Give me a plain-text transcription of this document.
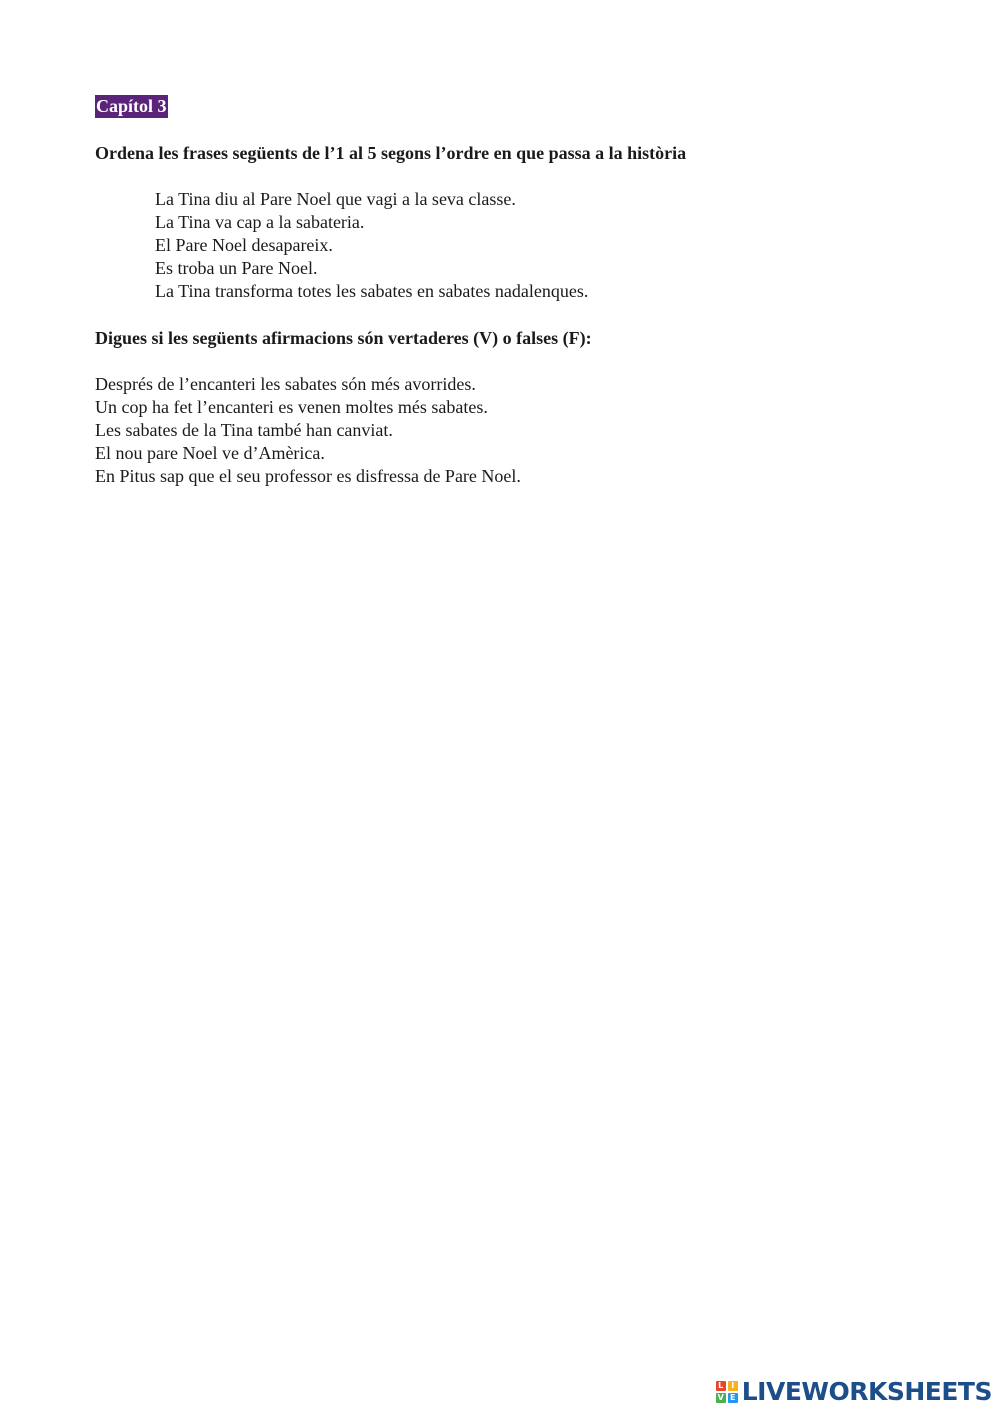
Capítol 3
Ordena les frases següents de l’1 al 5 segons l’ordre en que passa a la història
La Tina diu al Pare Noel que vagi a la seva classe.
La Tina va cap a la sabateria.
El Pare Noel desapareix.
Es troba un Pare Noel.
La Tina transforma totes les sabates en sabates nadalenques.
Digues si les següents afirmacions són vertaderes (V) o falses (F):
Després de l’encanteri les sabates són més avorrides.
Un cop ha fet l’encanteri es venen moltes més sabates.
Les sabates de la Tina també han canviat.
El nou pare Noel ve d’Amèrica.
En Pitus sap que el seu professor es disfressa de Pare Noel.
L I
V E LIVEWORKSHEETS
